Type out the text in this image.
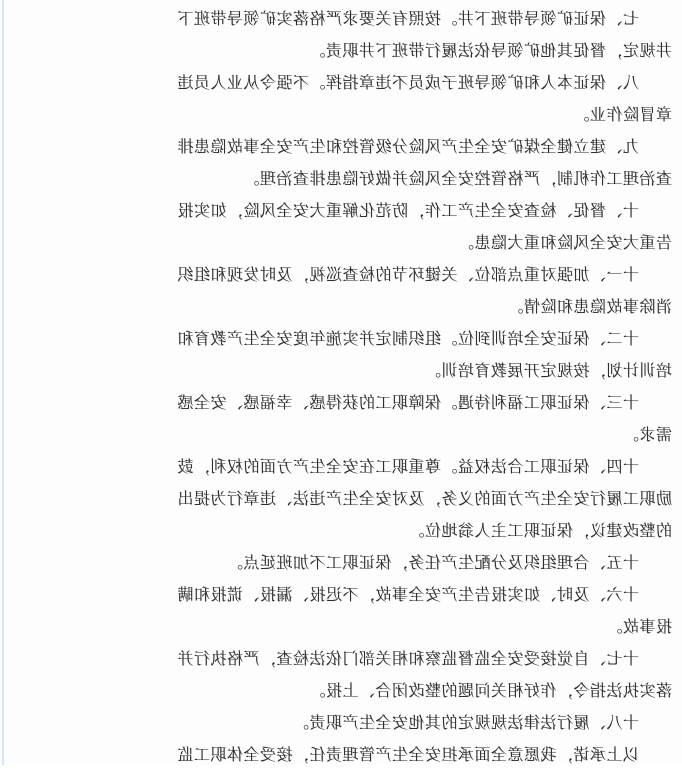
七、保证矿领导带班下井。按照有关要求严格落实矿领导带班下
井规定，督促其他矿领导依法履行带班下井职责。
八、保证本人和矿领导班子成员不违章指挥。不强令从业人员违
章冒险作业。
九、建立健全煤矿安全生产风险分级管控和生产安全事故隐患排
查治理工作机制，严格管控安全风险并做好隐患排查治理。
十、督促、检查安全生产工作，防范化解重大安全风险，如实报
告重大安全风险和重大隐患。
十一、加强对重点部位、关键环节的检查巡视，及时发现和组织
消除事故隐患和险情。
十二、保证安全培训到位。组织制定并实施年度安全生产教育和
培训计划，按规定开展教育培训。
十三、保证职工福利待遇。保障职工的获得感、幸福感、安全感
需求。
十四、保证职工合法权益。尊重职工在安全生产方面的权利，鼓
励职工履行安全生产方面的义务，及对安全生产违法、违章行为提出
的整改建议，保证职工主人翁地位。
十五、合理组织及分配生产任务，保证职工不加班延点。
十六、及时、如实报告生产安全事故，不迟报、漏报、谎报和瞒
报事故。
十七、自觉接受安全监督监察和相关部门依法检查，严格执行并
落实执法指令，作好相关问题的整改闭合、上报。
十八、履行法律法规规定的其他安全生产职责。
以上承诺，我愿意全面承担安全生产管理责任，接受全体职工监
